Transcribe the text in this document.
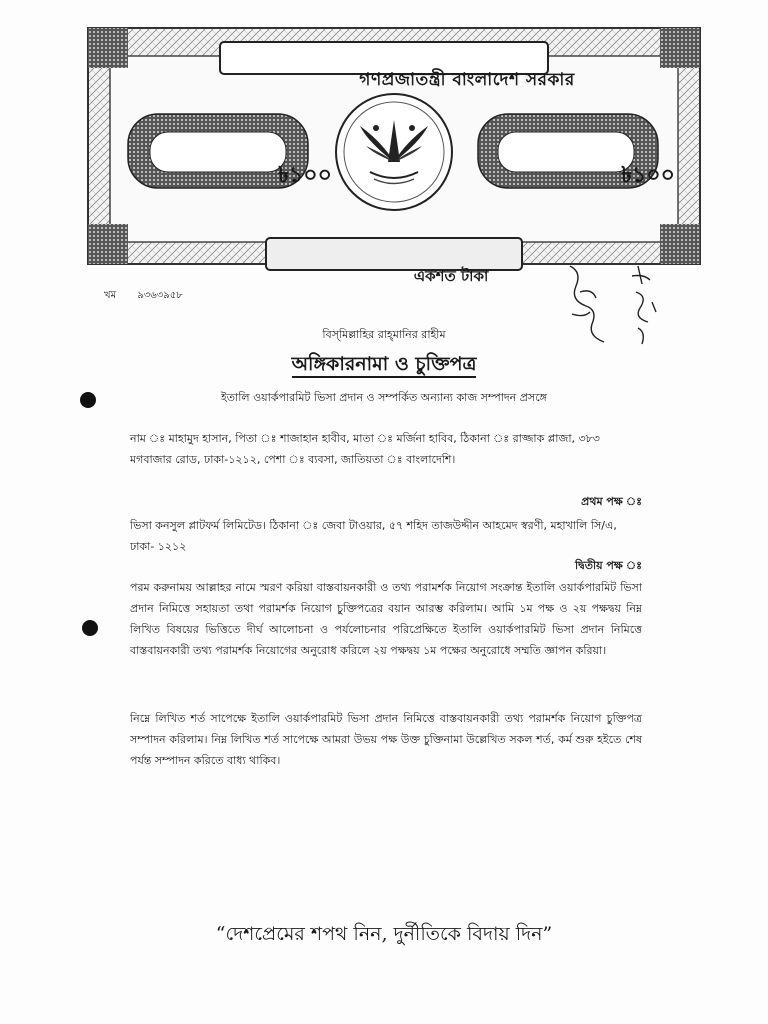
গণপ্রজাতন্ত্রী বাংলাদেশ সরকার
৳১০০	৳১০০
একশত টাকা
খম ৯৩৬৩৯৫৮
বিস্‌মিল্লাহির রাহ্‌মানির রাহীম
অঙ্গিকারনামা ও চুক্তিপত্র
ইতালি ওয়ার্কপারমিট ভিসা প্রদান ও সম্পর্কিত অন্যান্য কাজ সম্পাদন প্রসঙ্গে
নাম ঃ মাহামুদ হাসান, পিতা ঃ শাজাহান হাবীব, মাতা ঃ মর্জিনা হাবিব, ঠিকানা ঃ রাজ্জাক প্লাজা, ৩৮৩ মগবাজার রোড, ঢাকা-১২১২, পেশা ঃ ব্যবসা, জাতিয়তা ঃ বাংলাদেশি।
প্রথম পক্ষ ঃ
ভিসা কনসুল প্লাটফর্ম লিমিটেড। ঠিকানা ঃ জেবা টাওয়ার, ৫৭ শহিদ তাজউদ্দীন আহমেদ স্বরণী, মহাখালি সি/এ, ঢাকা- ১২১২
দ্বিতীয় পক্ষ ঃ
পরম করুনাময় আল্লাহর নামে স্মরণ করিয়া বাস্তবায়নকারী ও তথ্য পরামর্শক নিয়োগ সংক্রান্ত ইতালি ওয়ার্কপারমিট ভিসা প্রদান নিমিত্তে সহায়তা তথা পরামর্শক নিয়োগ চুক্তিপত্রের বয়ান আরম্ভ করিলাম। আমি ১ম পক্ষ ও ২য় পক্ষদ্বয় নিম্ন লিখিত বিষয়ের ভিত্তিতে দীর্ঘ আলোচনা ও পর্যলোচনার পরিপ্রেক্ষিতে ইতালি ওয়ার্কপারমিট ভিসা প্রদান নিমিত্তে বাস্তবায়নকারী তথ্য পরামর্শক নিয়োগের অনুরোধ করিলে ২য় পক্ষদ্বয় ১ম পক্ষের অনুরোধে সম্মতি জ্ঞাপন করিয়া।
নিম্নে লিখিত শর্ত সাপেক্ষে ইতালি ওয়ার্কপারমিট ভিসা প্রদান নিমিত্তে বাস্তবায়নকারী তথ্য পরামর্শক নিয়োগ চুক্তিপত্র সম্পাদন করিলাম। নিম্ন লিখিত শর্ত সাপেক্ষে আমরা উভয় পক্ষ উক্ত চুক্তিনামা উল্লেখিত সকল শর্ত, কর্ম শুরু হইতে শেষ পর্যন্ত সম্পাদন করিতে বাধ্য থাকিব।
“দেশপ্রেমের শপথ নিন, দুর্নীতিকে বিদায় দিন”
